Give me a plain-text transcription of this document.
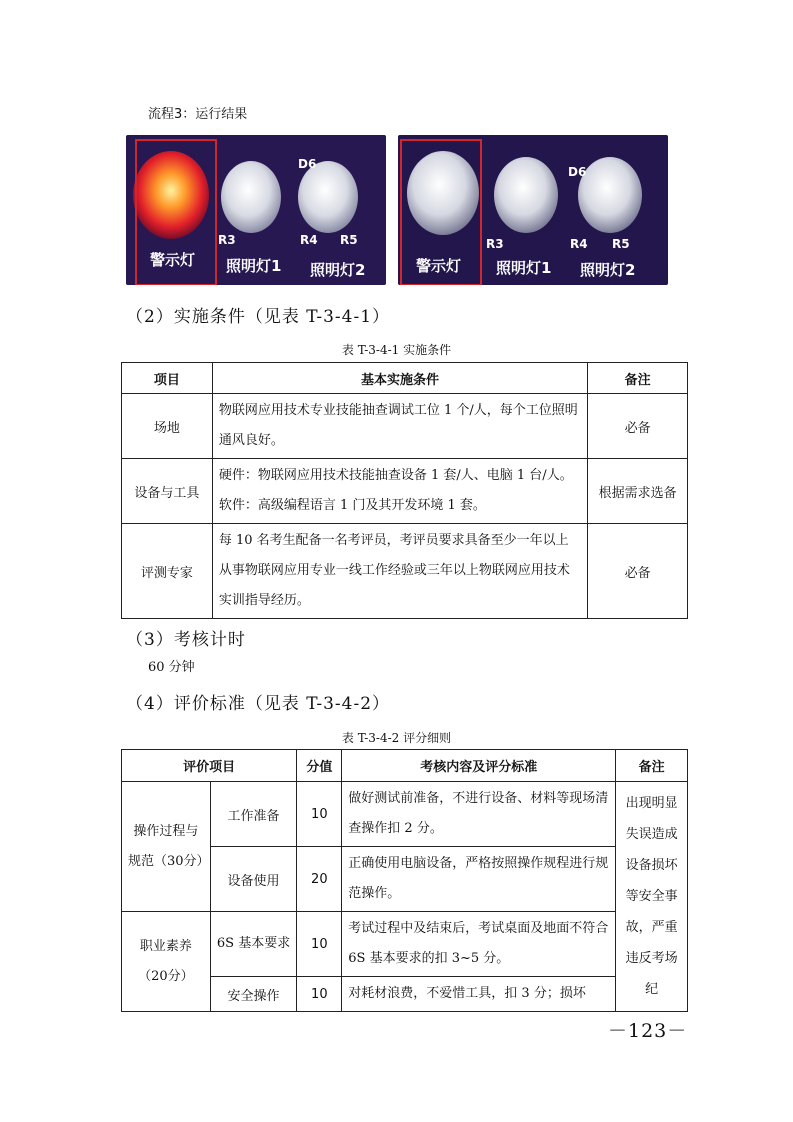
流程3：运行结果
D6
R3	R4 R5
警示灯 照明灯1 照明灯2
D6
R3	R4 R5
警示灯 照明灯1 照明灯2
（2）实施条件（见表 T-3-4-1）
表 T-3-4-1 实施条件
项目	基本实施条件	备注
场地	物联网应用技术专业技能抽查调试工位 1 个/人，每个工位照明通风良好。	必备
设备与工具	硬件：物联网应用技术技能抽查设备 1 套/人、电脑 1 台/人。软件：高级编程语言 1 门及其开发环境 1 套。	根据需求选备
评测专家	每 10 名考生配备一名考评员，考评员要求具备至少一年以上从事物联网应用专业一线工作经验或三年以上物联网应用技术实训指导经历。	必备
（3）考核计时
60 分钟
（4）评价标准（见表 T-3-4-2）
表 T-3-4-2 评分细则
评价项目		分值	考核内容及评分标准	备注
操作过程与规范（30分）	工作准备	10	做好测试前准备，不进行设备、材料等现场清查操作扣 2 分。	出现明显失误造成设备损坏等安全事故，严重违反考场纪
	设备使用	20	正确使用电脑设备，严格按照操作规程进行规范操作。	
职业素养（20分）	6S 基本要求	10	考试过程中及结束后，考试桌面及地面不符合 6S 基本要求的扣 3~5 分。	
	安全操作	10	对耗材浪费，不爱惜工具，扣 3 分；损坏	
－123－
